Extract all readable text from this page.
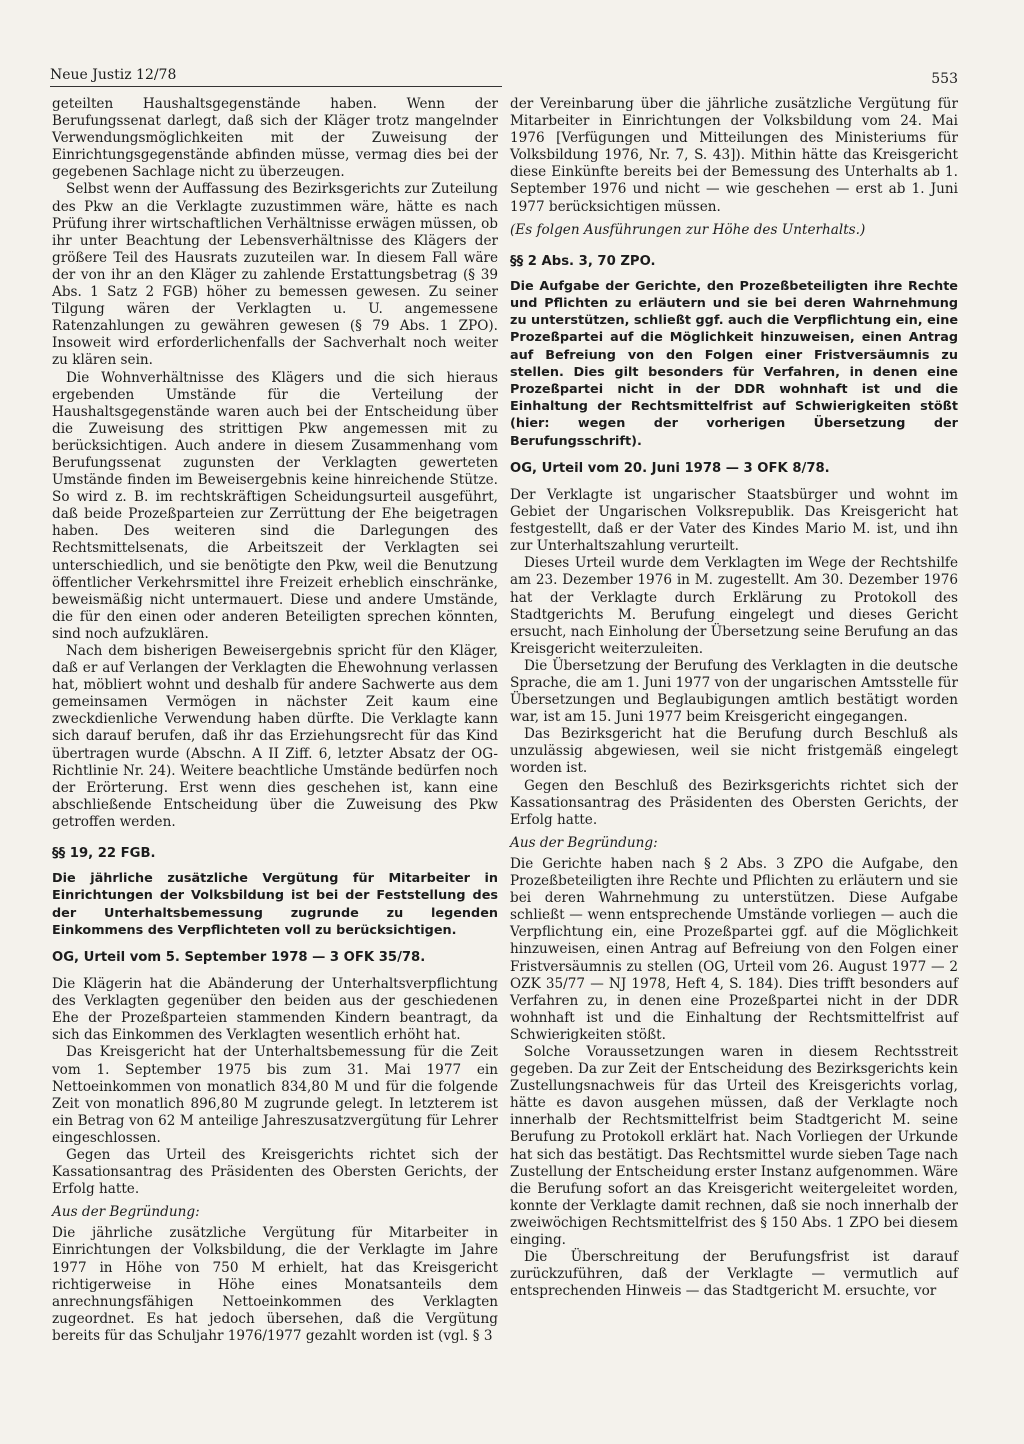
Neue Justiz 12/78	553

geteilten Haushaltsgegenstände haben. Wenn der Berufungssenat darlegt, daß sich der Kläger trotz mangelnder Verwendungsmöglichkeiten mit der Zuweisung der Einrichtungsgegenstände abfinden müsse, vermag dies bei der gegebenen Sachlage nicht zu überzeugen.

Selbst wenn der Auffassung des Bezirksgerichts zur Zuteilung des Pkw an die Verklagte zuzustimmen wäre, hätte es nach Prüfung ihrer wirtschaftlichen Verhältnisse erwägen müssen, ob ihr unter Beachtung der Lebensverhältnisse des Klägers der größere Teil des Hausrats zuzuteilen war. In diesem Fall wäre der von ihr an den Kläger zu zahlende Erstattungsbetrag (§ 39 Abs. 1 Satz 2 FGB) höher zu bemessen gewesen. Zu seiner Tilgung wären der Verklagten u. U. angemessene Ratenzahlungen zu gewähren gewesen (§ 79 Abs. 1 ZPO). Insoweit wird erforderlichenfalls der Sachverhalt noch weiter zu klären sein.

Die Wohnverhältnisse des Klägers und die sich hieraus ergebenden Umstände für die Verteilung der Haushaltsgegenstände waren auch bei der Entscheidung über die Zuweisung des strittigen Pkw angemessen mit zu berücksichtigen. Auch andere in diesem Zusammenhang vom Berufungssenat zugunsten der Verklagten gewerteten Umstände finden im Beweisergebnis keine hinreichende Stütze. So wird z. B. im rechtskräftigen Scheidungsurteil ausgeführt, daß beide Prozeßparteien zur Zerrüttung der Ehe beigetragen haben. Des weiteren sind die Darlegungen des Rechtsmittelsenats, die Arbeitszeit der Verklagten sei unterschiedlich, und sie benötigte den Pkw, weil die Benutzung öffentlicher Verkehrsmittel ihre Freizeit erheblich einschränke, beweismäßig nicht untermauert. Diese und andere Umstände, die für den einen oder anderen Beteiligten sprechen könnten, sind noch aufzuklären.

Nach dem bisherigen Beweisergebnis spricht für den Kläger, daß er auf Verlangen der Verklagten die Ehewohnung verlassen hat, möbliert wohnt und deshalb für andere Sachwerte aus dem gemeinsamen Vermögen in nächster Zeit kaum eine zweckdienliche Verwendung haben dürfte. Die Verklagte kann sich darauf berufen, daß ihr das Erziehungsrecht für das Kind übertragen wurde (Abschn. A II Ziff. 6, letzter Absatz der OG-Richtlinie Nr. 24). Weitere beachtliche Umstände bedürfen noch der Erörterung. Erst wenn dies geschehen ist, kann eine abschließende Entscheidung über die Zuweisung des Pkw getroffen werden.

§§ 19, 22 FGB.

Die jährliche zusätzliche Vergütung für Mitarbeiter in Einrichtungen der Volksbildung ist bei der Feststellung des der Unterhaltsbemessung zugrunde zu legenden Einkommens des Verpflichteten voll zu berücksichtigen.

OG, Urteil vom 5. September 1978 — 3 OFK 35/78.

Die Klägerin hat die Abänderung der Unterhaltsverpflichtung des Verklagten gegenüber den beiden aus der geschiedenen Ehe der Prozeßparteien stammenden Kindern beantragt, da sich das Einkommen des Verklagten wesentlich erhöht hat.

Das Kreisgericht hat der Unterhaltsbemessung für die Zeit vom 1. September 1975 bis zum 31. Mai 1977 ein Nettoeinkommen von monatlich 834,80 M und für die folgende Zeit von monatlich 896,80 M zugrunde gelegt. In letzterem ist ein Betrag von 62 M anteilige Jahreszusatzvergütung für Lehrer eingeschlossen.

Gegen das Urteil des Kreisgerichts richtet sich der Kassationsantrag des Präsidenten des Obersten Gerichts, der Erfolg hatte.

Aus der Begründung:

Die jährliche zusätzliche Vergütung für Mitarbeiter in Einrichtungen der Volksbildung, die der Verklagte im Jahre 1977 in Höhe von 750 M erhielt, hat das Kreisgericht richtigerweise in Höhe eines Monatsanteils dem anrechnungsfähigen Nettoeinkommen des Verklagten zugeordnet. Es hat jedoch übersehen, daß die Vergütung bereits für das Schuljahr 1976/1977 gezahlt worden ist (vgl. § 3

der Vereinbarung über die jährliche zusätzliche Vergütung für Mitarbeiter in Einrichtungen der Volksbildung vom 24. Mai 1976 [Verfügungen und Mitteilungen des Ministeriums für Volksbildung 1976, Nr. 7, S. 43]). Mithin hätte das Kreisgericht diese Einkünfte bereits bei der Bemessung des Unterhalts ab 1. September 1976 und nicht — wie geschehen — erst ab 1. Juni 1977 berücksichtigen müssen.

(Es folgen Ausführungen zur Höhe des Unterhalts.)

§§ 2 Abs. 3, 70 ZPO.

Die Aufgabe der Gerichte, den Prozeßbeteiligten ihre Rechte und Pflichten zu erläutern und sie bei deren Wahrnehmung zu unterstützen, schließt ggf. auch die Verpflichtung ein, eine Prozeßpartei auf die Möglichkeit hinzuweisen, einen Antrag auf Befreiung von den Folgen einer Fristversäumnis zu stellen. Dies gilt besonders für Verfahren, in denen eine Prozeßpartei nicht in der DDR wohnhaft ist und die Einhaltung der Rechtsmittelfrist auf Schwierigkeiten stößt (hier: wegen der vorherigen Übersetzung der Berufungsschrift).

OG, Urteil vom 20. Juni 1978 — 3 OFK 8/78.

Der Verklagte ist ungarischer Staatsbürger und wohnt im Gebiet der Ungarischen Volksrepublik. Das Kreisgericht hat festgestellt, daß er der Vater des Kindes Mario M. ist, und ihn zur Unterhaltszahlung verurteilt.

Dieses Urteil wurde dem Verklagten im Wege der Rechtshilfe am 23. Dezember 1976 in M. zugestellt. Am 30. Dezember 1976 hat der Verklagte durch Erklärung zu Protokoll des Stadtgerichts M. Berufung eingelegt und dieses Gericht ersucht, nach Einholung der Übersetzung seine Berufung an das Kreisgericht weiterzuleiten.

Die Übersetzung der Berufung des Verklagten in die deutsche Sprache, die am 1. Juni 1977 von der ungarischen Amtsstelle für Übersetzungen und Beglaubigungen amtlich bestätigt worden war, ist am 15. Juni 1977 beim Kreisgericht eingegangen.

Das Bezirksgericht hat die Berufung durch Beschluß als unzulässig abgewiesen, weil sie nicht fristgemäß eingelegt worden ist.

Gegen den Beschluß des Bezirksgerichts richtet sich der Kassationsantrag des Präsidenten des Obersten Gerichts, der Erfolg hatte.

Aus der Begründung:

Die Gerichte haben nach § 2 Abs. 3 ZPO die Aufgabe, den Prozeßbeteiligten ihre Rechte und Pflichten zu erläutern und sie bei deren Wahrnehmung zu unterstützen. Diese Aufgabe schließt — wenn entsprechende Umstände vorliegen — auch die Verpflichtung ein, eine Prozeßpartei ggf. auf die Möglichkeit hinzuweisen, einen Antrag auf Befreiung von den Folgen einer Fristversäumnis zu stellen (OG, Urteil vom 26. August 1977 — 2 OZK 35/77 — NJ 1978, Heft 4, S. 184). Dies trifft besonders auf Verfahren zu, in denen eine Prozeßpartei nicht in der DDR wohnhaft ist und die Einhaltung der Rechtsmittelfrist auf Schwierigkeiten stößt.

Solche Voraussetzungen waren in diesem Rechtsstreit gegeben. Da zur Zeit der Entscheidung des Bezirksgerichts kein Zustellungsnachweis für das Urteil des Kreisgerichts vorlag, hätte es davon ausgehen müssen, daß der Verklagte noch innerhalb der Rechtsmittelfrist beim Stadtgericht M. seine Berufung zu Protokoll erklärt hat. Nach Vorliegen der Urkunde hat sich das bestätigt. Das Rechtsmittel wurde sieben Tage nach Zustellung der Entscheidung erster Instanz aufgenommen. Wäre die Berufung sofort an das Kreisgericht weitergeleitet worden, konnte der Verklagte damit rechnen, daß sie noch innerhalb der zweiwöchigen Rechtsmittelfrist des § 150 Abs. 1 ZPO bei diesem einging.

Die Überschreitung der Berufungsfrist ist darauf zurückzuführen, daß der Verklagte — vermutlich auf entsprechenden Hinweis — das Stadtgericht M. ersuchte, vor
